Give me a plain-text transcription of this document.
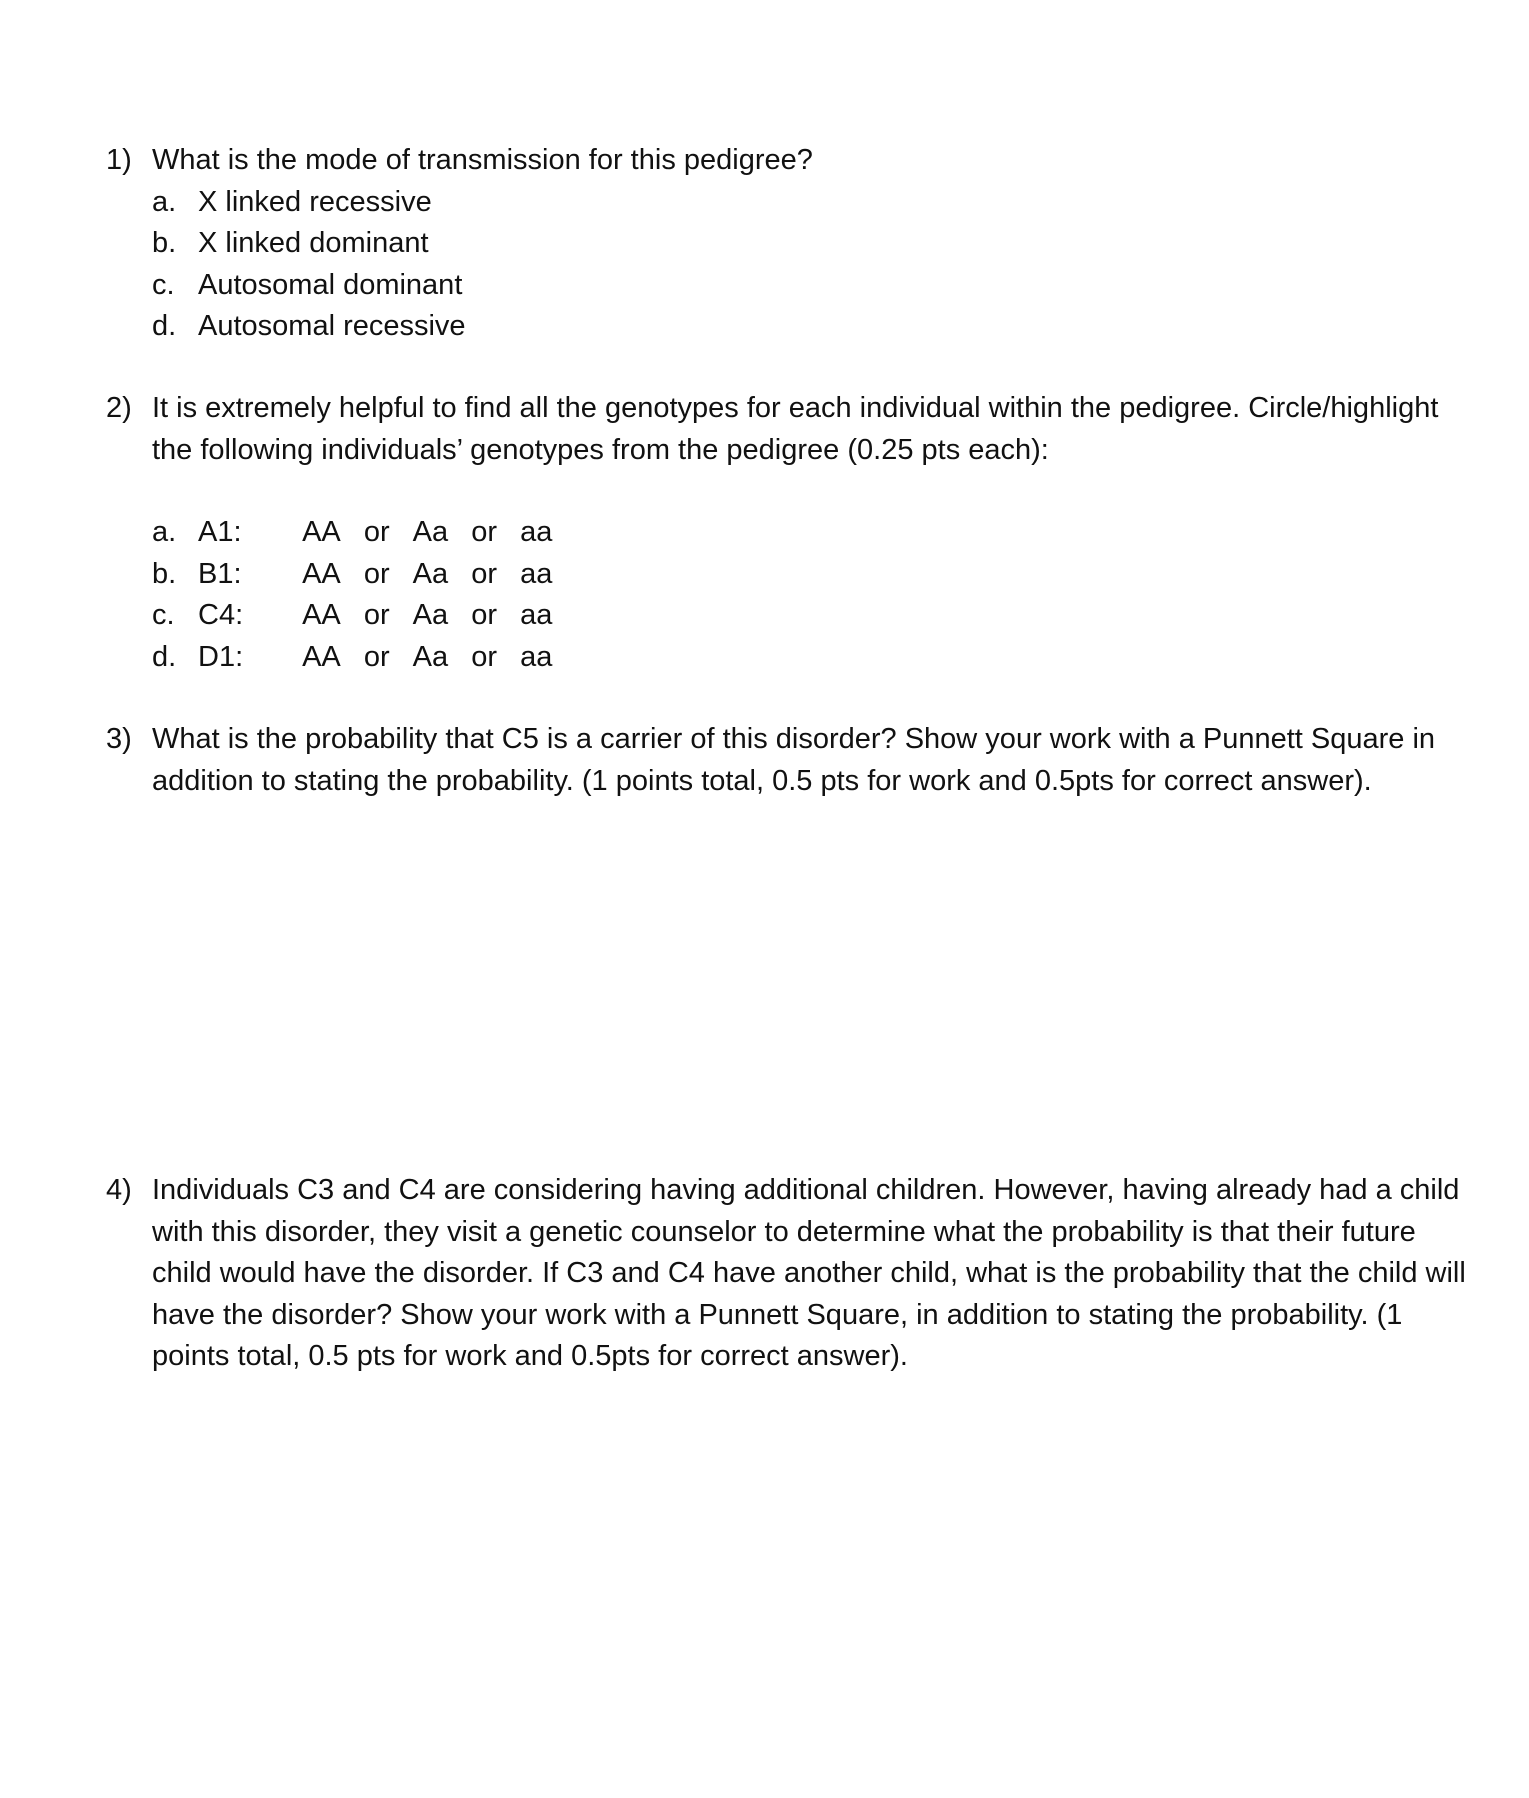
1) What is the mode of transmission for this pedigree?
a. X linked recessive
b. X linked dominant
c. Autosomal dominant
d. Autosomal recessive
2) It is extremely helpful to find all the genotypes for each individual within the pedigree. Circle/highlight the following individuals’ genotypes from the pedigree (0.25 pts each):
a. A1: AA or Aa or aa
b. B1: AA or Aa or aa
c. C4: AA or Aa or aa
d. D1: AA or Aa or aa
3) What is the probability that C5 is a carrier of this disorder? Show your work with a Punnett Square in addition to stating the probability. (1 points total, 0.5 pts for work and 0.5pts for correct answer).
4) Individuals C3 and C4 are considering having additional children. However, having already had a child with this disorder, they visit a genetic counselor to determine what the probability is that their future child would have the disorder. If C3 and C4 have another child, what is the probability that the child will have the disorder? Show your work with a Punnett Square, in addition to stating the probability. (1 points total, 0.5 pts for work and 0.5pts for correct answer).
